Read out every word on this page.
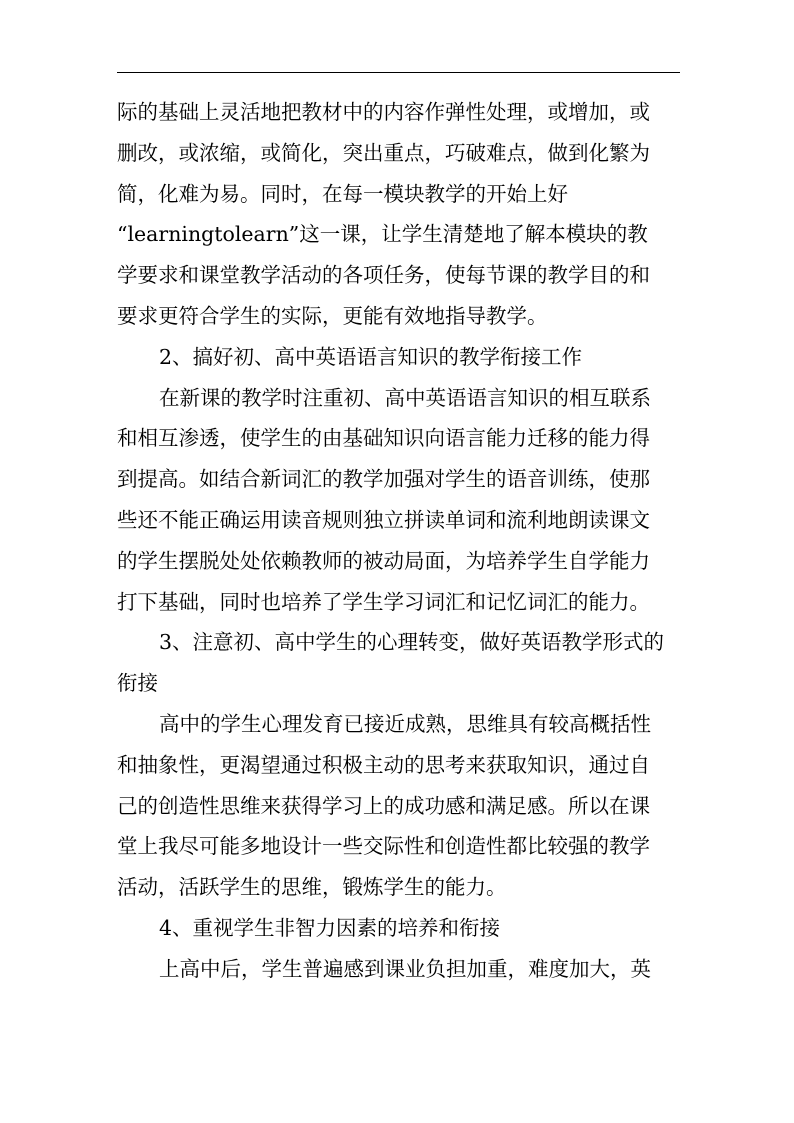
际的基础上灵活地把教材中的内容作弹性处理，或增加，或
删改，或浓缩，或简化，突出重点，巧破难点，做到化繁为
简，化难为易。同时，在每一模块教学的开始上好
“learningtolearn”这一课，让学生清楚地了解本模块的教
学要求和课堂教学活动的各项任务，使每节课的教学目的和
要求更符合学生的实际，更能有效地指导教学。
2、搞好初、高中英语语言知识的教学衔接工作
在新课的教学时注重初、高中英语语言知识的相互联系
和相互渗透，使学生的由基础知识向语言能力迁移的能力得
到提高。如结合新词汇的教学加强对学生的语音训练，使那
些还不能正确运用读音规则独立拼读单词和流利地朗读课文
的学生摆脱处处依赖教师的被动局面，为培养学生自学能力
打下基础，同时也培养了学生学习词汇和记忆词汇的能力。
3、注意初、高中学生的心理转变，做好英语教学形式的
衔接
高中的学生心理发育已接近成熟，思维具有较高概括性
和抽象性，更渴望通过积极主动的思考来获取知识，通过自
己的创造性思维来获得学习上的成功感和满足感。所以在课
堂上我尽可能多地设计一些交际性和创造性都比较强的教学
活动，活跃学生的思维，锻炼学生的能力。
4、重视学生非智力因素的培养和衔接
上高中后，学生普遍感到课业负担加重，难度加大，英
